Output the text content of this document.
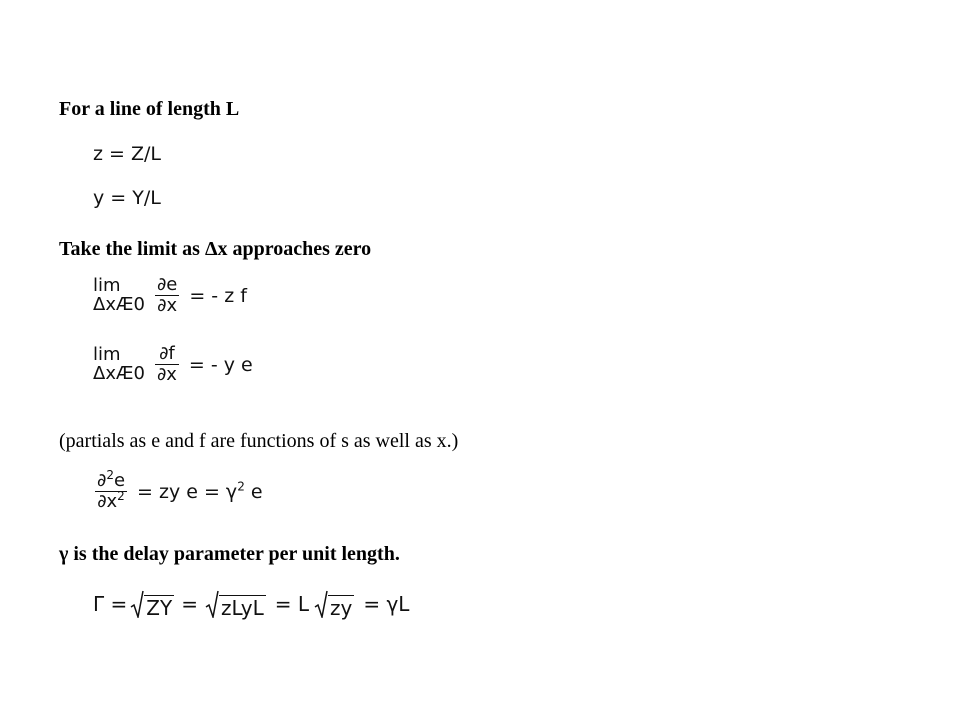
For a line of length L
z = Z/L
y = Y/L
Take the limit as Δx approaches zero
lim
ΔxÆ0 $\frac{\partial e}{\partial x}$ = - z f
lim
ΔxÆ0 $\frac{\partial f}{\partial x}$ = - y e
(partials as e and f are functions of s as well as x.)
$\frac{\partial^2e}{\partial x^2}$ = zy $e = \gamma^2$ e
γ is the delay parameter per unit length.
Γ = ZY = zLyL = L zy = γL
